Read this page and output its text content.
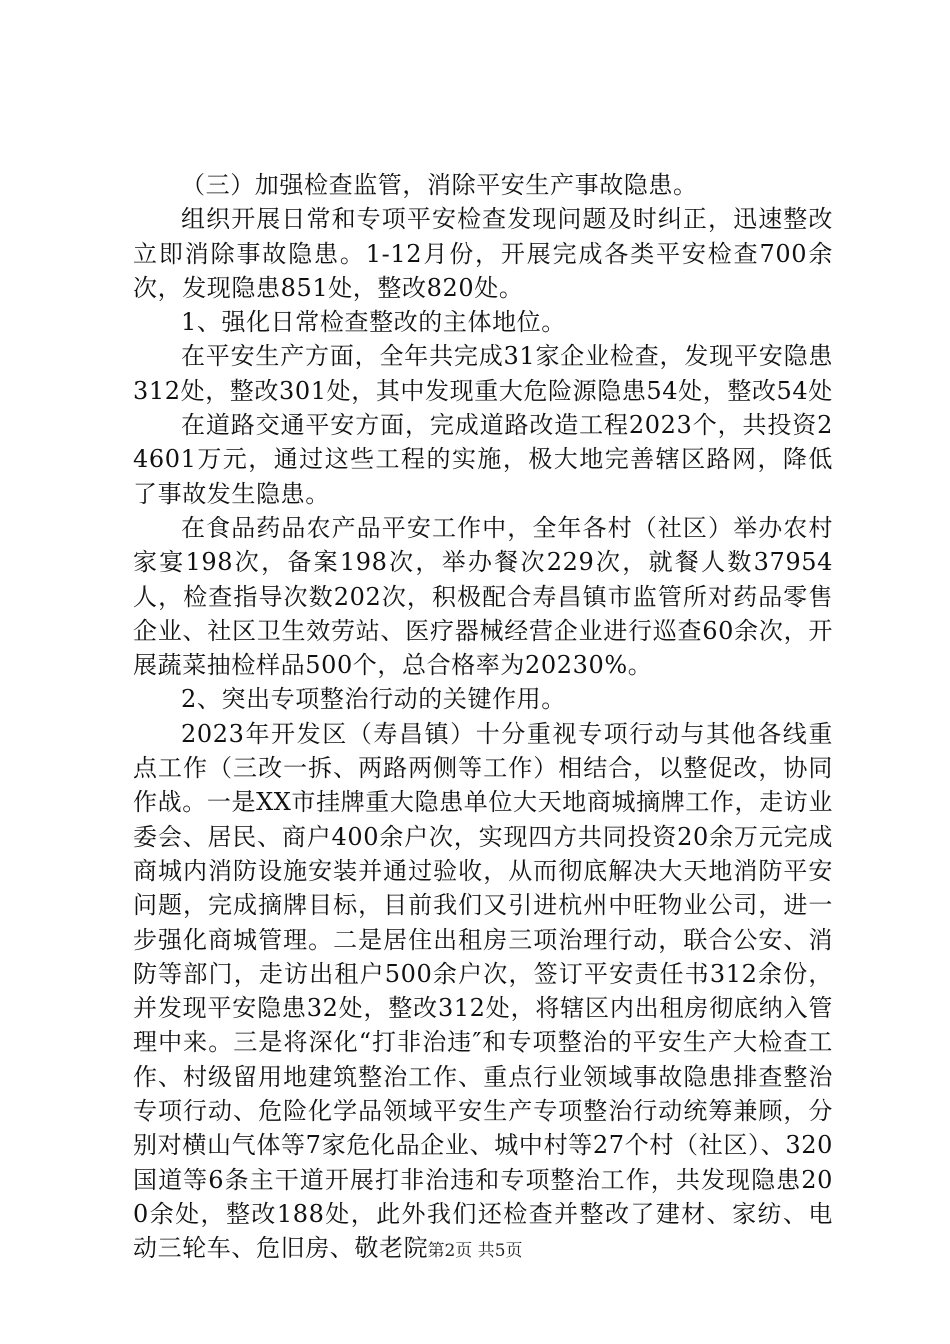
（三）加强检查监管，消除平安生产事故隐患。

组织开展日常和专项平安检查发现问题及时纠正，迅速整改立即消除事故隐患。1-12月份，开展完成各类平安检查700余次，发现隐患851处，整改820处。

1、强化日常检查整改的主体地位。

在平安生产方面，全年共完成31家企业检查，发现平安隐患312处，整改301处，其中发现重大危险源隐患54处，整改54处

在道路交通平安方面，完成道路改造工程2023个，共投资24601万元，通过这些工程的实施，极大地完善辖区路网，降低了事故发生隐患。

在食品药品农产品平安工作中，全年各村（社区）举办农村家宴198次，备案198次，举办餐次229次，就餐人数37954人，检查指导次数202次，积极配合寿昌镇市监管所对药品零售企业、社区卫生效劳站、医疗器械经营企业进行巡查60余次，开展蔬菜抽检样品500个，总合格率为20230%。

2、突出专项整治行动的关键作用。

2023年开发区（寿昌镇）十分重视专项行动与其他各线重点工作（三改一拆、两路两侧等工作）相结合，以整促改，协同作战。一是XX市挂牌重大隐患单位大天地商城摘牌工作，走访业委会、居民、商户400余户次，实现四方共同投资20余万元完成商城内消防设施安装并通过验收，从而彻底解决大天地消防平安问题，完成摘牌目标，目前我们又引进杭州中旺物业公司，进一步强化商城管理。二是居住出租房三项治理行动，联合公安、消防等部门，走访出租户500余户次，签订平安责任书312余份，并发现平安隐患32处，整改312处，将辖区内出租房彻底纳入管理中来。三是将深化“打非治违″和专项整治的平安生产大检查工作、村级留用地建筑整治工作、重点行业领域事故隐患排查整治专项行动、危险化学品领域平安生产专项整治行动统筹兼顾，分别对横山气体等7家危化品企业、城中村等27个村（社区）、320国道等6条主干道开展打非治违和专项整治工作，共发现隐患200余处，整改188处，此外我们还检查并整改了建材、家纺、电动三轮车、危旧房、敬老院 第2页 共5页
